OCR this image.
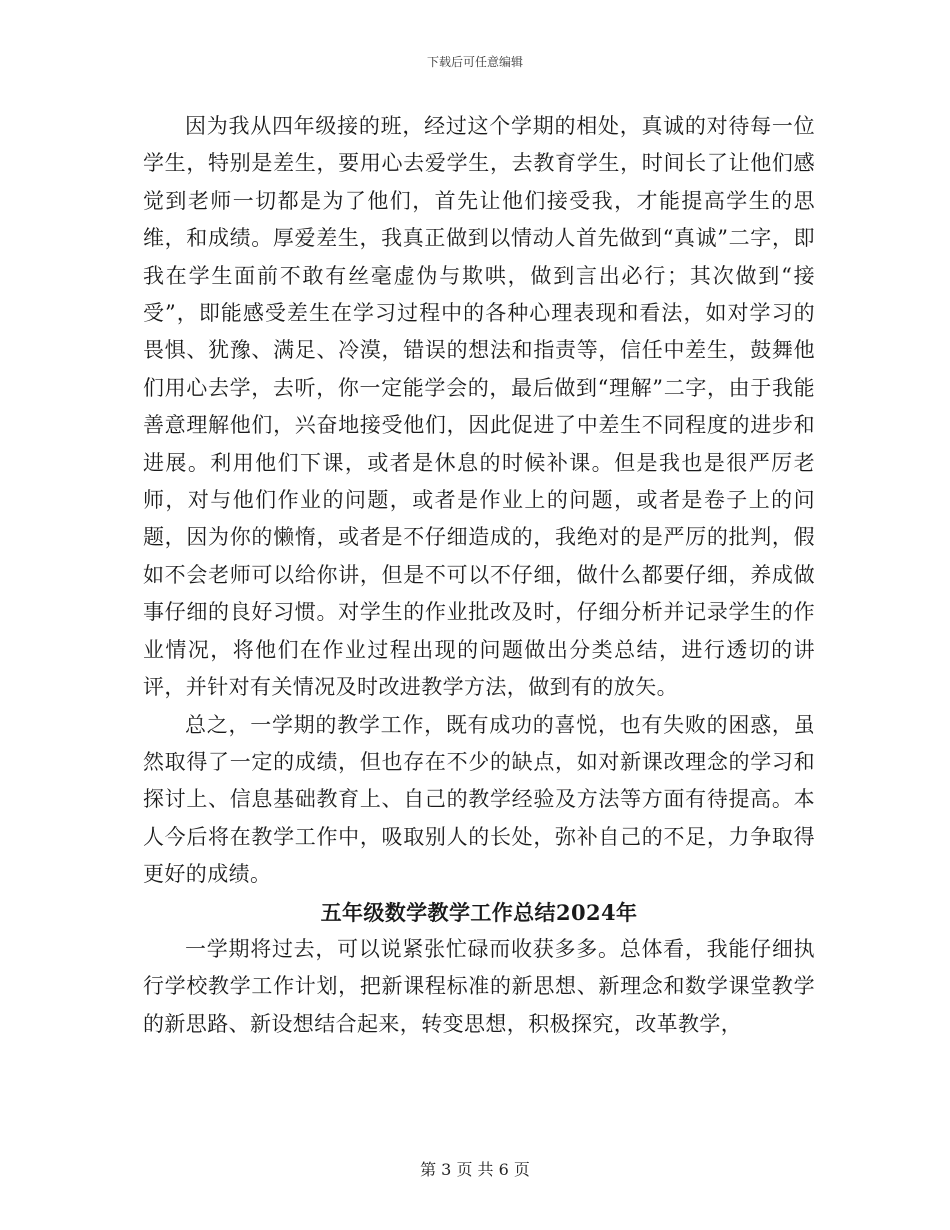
下载后可任意编辑

因为我从四年级接的班，经过这个学期的相处，真诚的对待每一位学生，特别是差生，要用心去爱学生，去教育学生，时间长了让他们感觉到老师一切都是为了他们，首先让他们接受我，才能提高学生的思维，和成绩。厚爱差生，我真正做到以情动人首先做到“真诚”二字，即我在学生面前不敢有丝毫虚伪与欺哄，做到言出必行；其次做到“接受”，即能感受差生在学习过程中的各种心理表现和看法，如对学习的畏惧、犹豫、满足、冷漠，错误的想法和指责等，信任中差生，鼓舞他们用心去学，去听，你一定能学会的，最后做到“理解”二字，由于我能善意理解他们，兴奋地接受他们，因此促进了中差生不同程度的进步和进展。利用他们下课，或者是休息的时候补课。但是我也是很严厉老师，对与他们作业的问题，或者是作业上的问题，或者是卷子上的问题，因为你的懒惰，或者是不仔细造成的，我绝对的是严厉的批判，假如不会老师可以给你讲，但是不可以不仔细，做什么都要仔细，养成做事仔细的良好习惯。对学生的作业批改及时，仔细分析并记录学生的作业情况，将他们在作业过程出现的问题做出分类总结，进行透切的讲评，并针对有关情况及时改进教学方法，做到有的放矢。

总之，一学期的教学工作，既有成功的喜悦，也有失败的困惑，虽然取得了一定的成绩，但也存在不少的缺点，如对新课改理念的学习和探讨上、信息基础教育上、自己的教学经验及方法等方面有待提高。本人今后将在教学工作中，吸取别人的长处，弥补自己的不足，力争取得更好的成绩。

五年级数学教学工作总结2024年

一学期将过去，可以说紧张忙碌而收获多多。总体看，我能仔细执行学校教学工作计划，把新课程标准的新思想、新理念和数学课堂教学的新思路、新设想结合起来，转变思想，积极探究，改革教学，

第 3 页 共 6 页
